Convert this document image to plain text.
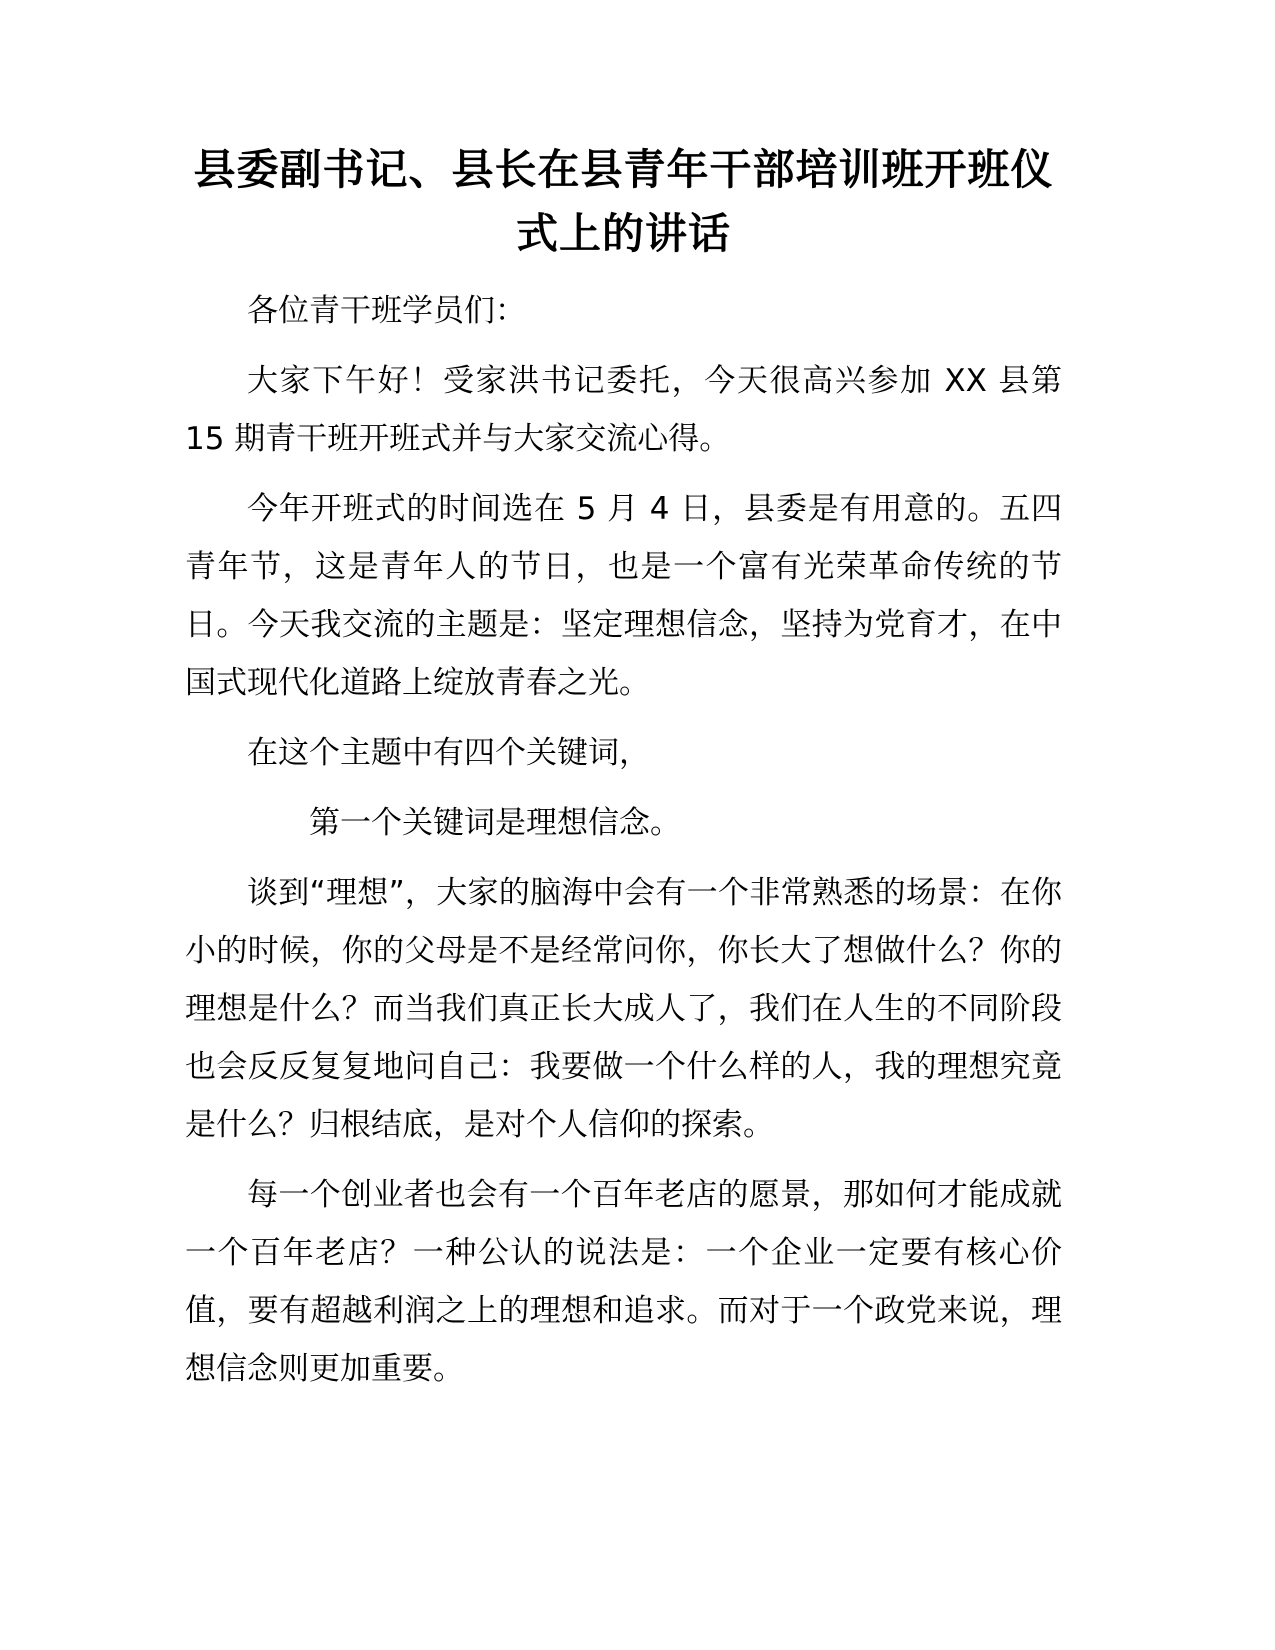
县委副书记、县长在县青年干部培训班开班仪式上的讲话

各位青干班学员们：

大家下午好！受家洪书记委托，今天很高兴参加 XX 县第 15 期青干班开班式并与大家交流心得。

今年开班式的时间选在 5 月 4 日，县委是有用意的。五四青年节，这是青年人的节日，也是一个富有光荣革命传统的节日。今天我交流的主题是：坚定理想信念，坚持为党育才，在中国式现代化道路上绽放青春之光。

在这个主题中有四个关键词，

第一个关键词是理想信念。

谈到“理想”，大家的脑海中会有一个非常熟悉的场景：在你小的时候，你的父母是不是经常问你，你长大了想做什么？你的理想是什么？而当我们真正长大成人了，我们在人生的不同阶段也会反反复复地问自己：我要做一个什么样的人，我的理想究竟是什么？归根结底，是对个人信仰的探索。

每一个创业者也会有一个百年老店的愿景，那如何才能成就一个百年老店？一种公认的说法是：一个企业一定要有核心价值，要有超越利润之上的理想和追求。而对于一个政党来说，理想信念则更加重要。
